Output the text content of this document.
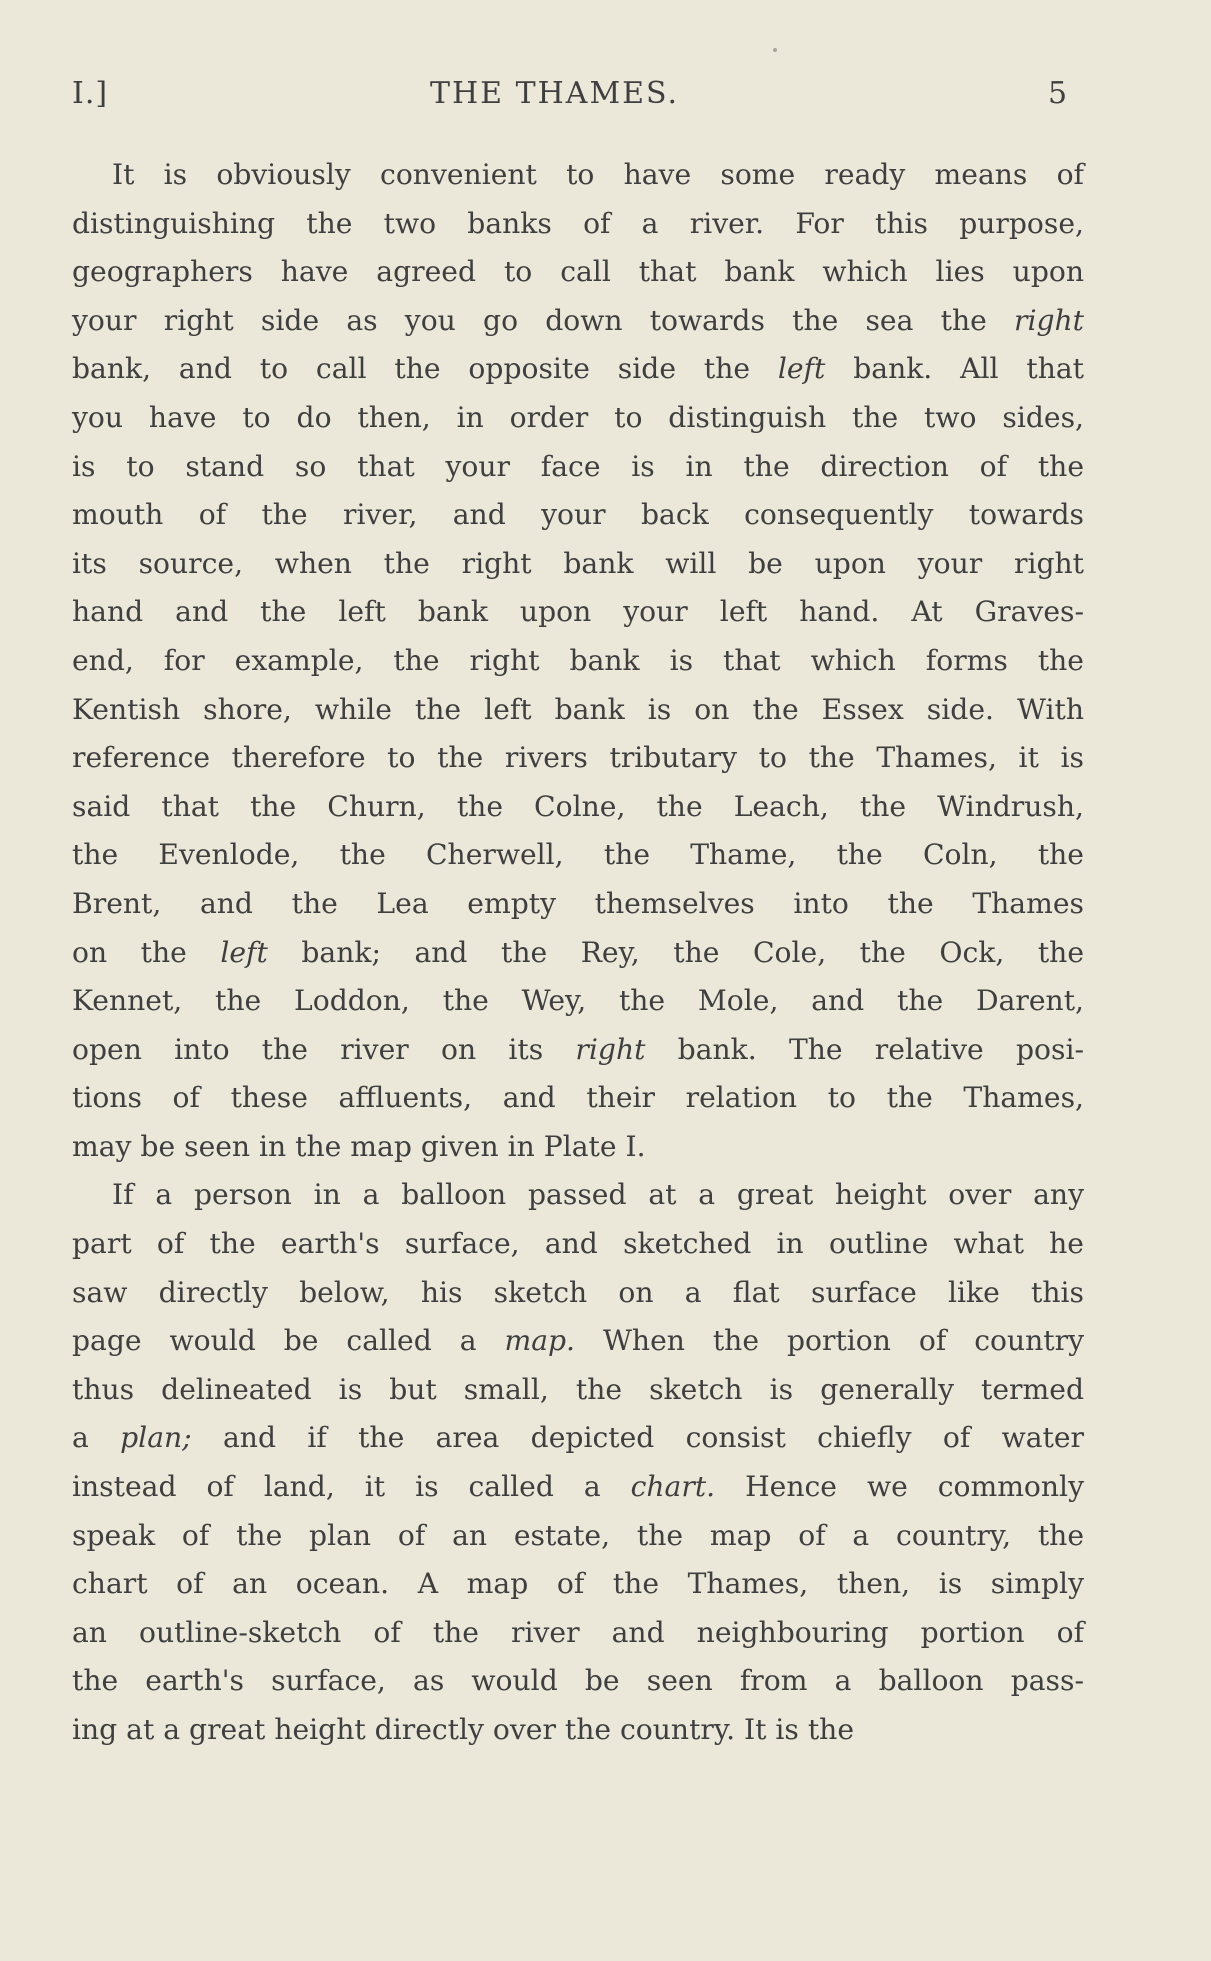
I.]	THE THAMES.	5
It is obviously convenient to have some ready means of
distinguishing the two banks of a river. For this purpose,
geographers have agreed to call that bank which lies upon
your right side as you go down towards the sea the right
bank, and to call the opposite side the left bank. All that
you have to do then, in order to distinguish the two sides,
is to stand so that your face is in the direction of the
mouth of the river, and your back consequently towards
its source, when the right bank will be upon your right
hand and the left bank upon your left hand. At Graves-
end, for example, the right bank is that which forms the
Kentish shore, while the left bank is on the Essex side. With
reference therefore to the rivers tributary to the Thames, it is
said that the Churn, the Colne, the Leach, the Windrush,
the Evenlode, the Cherwell, the Thame, the Coln, the
Brent, and the Lea empty themselves into the Thames
on the left bank; and the Rey, the Cole, the Ock, the
Kennet, the Loddon, the Wey, the Mole, and the Darent,
open into the river on its right bank. The relative posi-
tions of these affluents, and their relation to the Thames,
may be seen in the map given in Plate I.
If a person in a balloon passed at a great height over any
part of the earth's surface, and sketched in outline what he
saw directly below, his sketch on a flat surface like this
page would be called a map. When the portion of country
thus delineated is but small, the sketch is generally termed
a plan; and if the area depicted consist chiefly of water
instead of land, it is called a chart. Hence we commonly
speak of the plan of an estate, the map of a country, the
chart of an ocean. A map of the Thames, then, is simply
an outline-sketch of the river and neighbouring portion of
the earth's surface, as would be seen from a balloon pass-
ing at a great height directly over the country. It is the
